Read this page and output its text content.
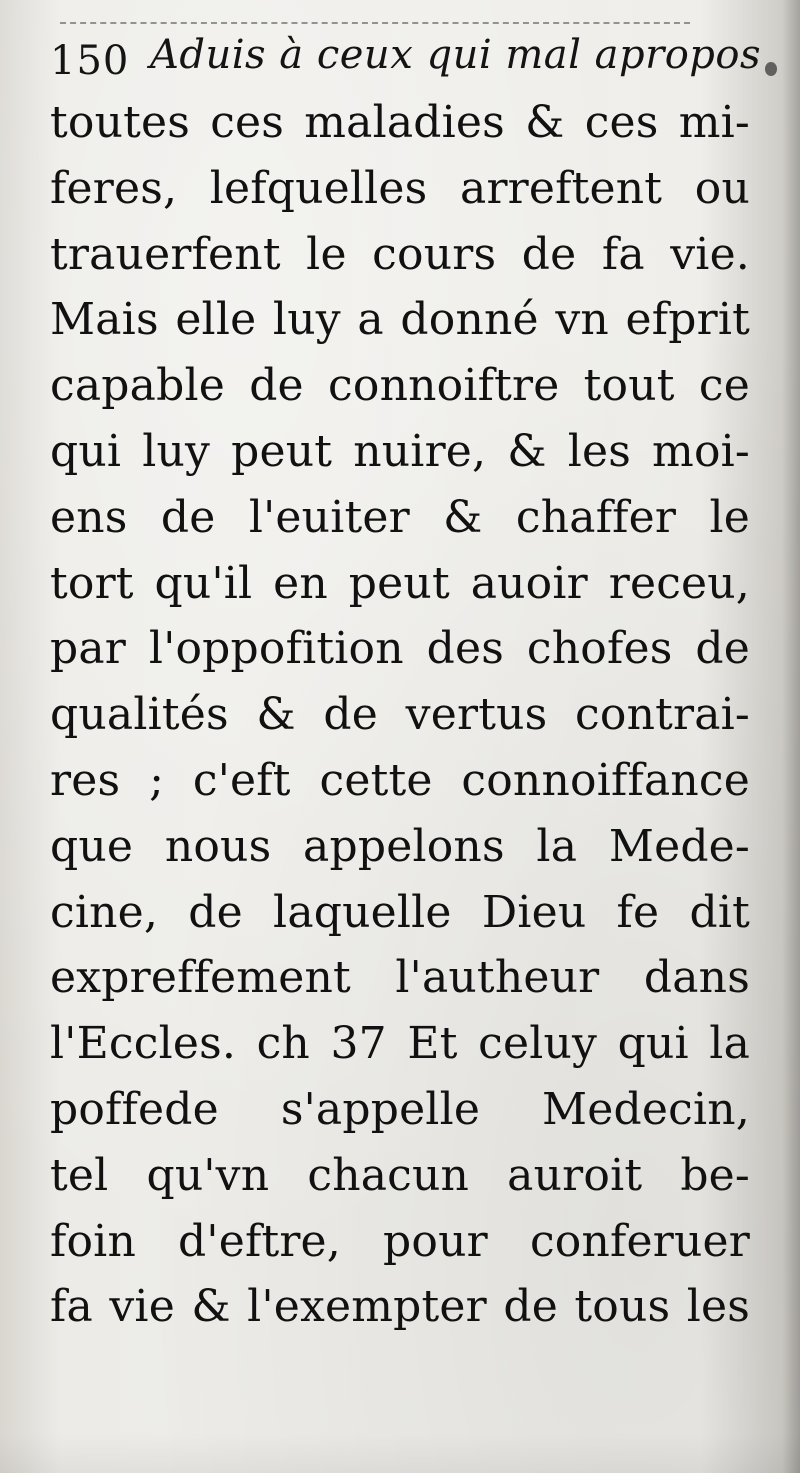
150 Aduis à ceux qui mal apropos
toutes ces maladies & ces mi-
feres, lefquelles arreftent ou
trauerfent le cours de fa vie.
Mais elle luy a donné vn efprit
capable de connoiftre tout ce
qui luy peut nuire, & les moi-
ens de l'euiter & chaffer le
tort qu'il en peut auoir receu,
par l'oppofition des chofes de
qualités & de vertus contrai-
res ; c'eft cette connoiffance
que nous appelons la Mede-
cine, de laquelle Dieu fe dit
expreffement l'autheur dans
l'Eccles. ch 37 Et celuy qui la
poffede s'appelle Medecin,
tel qu'vn chacun auroit be-
foin d'eftre, pour conferuer
fa vie & l'exempter de tous les
